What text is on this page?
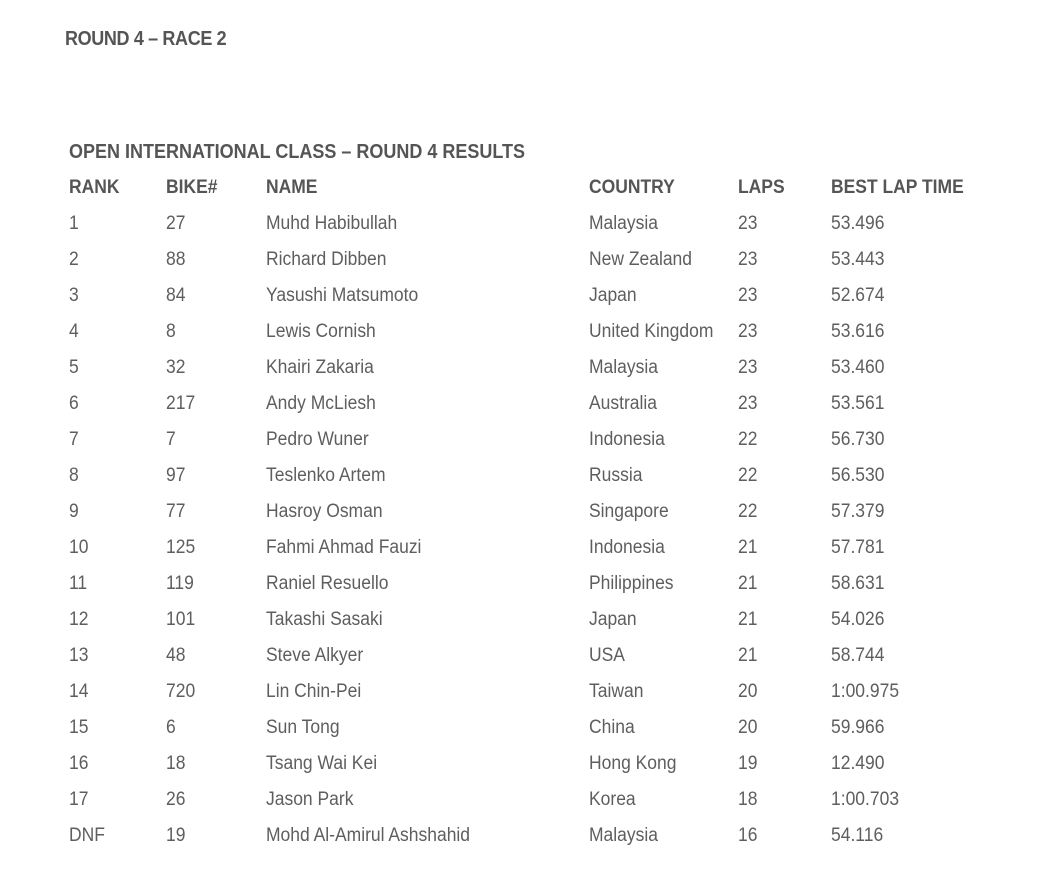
ROUND 4 – RACE 2
OPEN INTERNATIONAL CLASS – ROUND 4 RESULTS
RANK	BIKE#	NAME	COUNTRY	LAPS	BEST LAP TIME
1	27	Muhd Habibullah	Malaysia	23	53.496
2	88	Richard Dibben	New Zealand	23	53.443
3	84	Yasushi Matsumoto	Japan	23	52.674
4	8	Lewis Cornish	United Kingdom	23	53.616
5	32	Khairi Zakaria	Malaysia	23	53.460
6	217	Andy McLiesh	Australia	23	53.561
7	7	Pedro Wuner	Indonesia	22	56.730
8	97	Teslenko Artem	Russia	22	56.530
9	77	Hasroy Osman	Singapore	22	57.379
10	125	Fahmi Ahmad Fauzi	Indonesia	21	57.781
11	119	Raniel Resuello	Philippines	21	58.631
12	101	Takashi Sasaki	Japan	21	54.026
13	48	Steve Alkyer	USA	21	58.744
14	720	Lin Chin-Pei	Taiwan	20	1:00.975
15	6	Sun Tong	China	20	59.966
16	18	Tsang Wai Kei	Hong Kong	19	12.490
17	26	Jason Park	Korea	18	1:00.703
DNF	19	Mohd Al-Amirul Ashshahid	Malaysia	16	54.116
